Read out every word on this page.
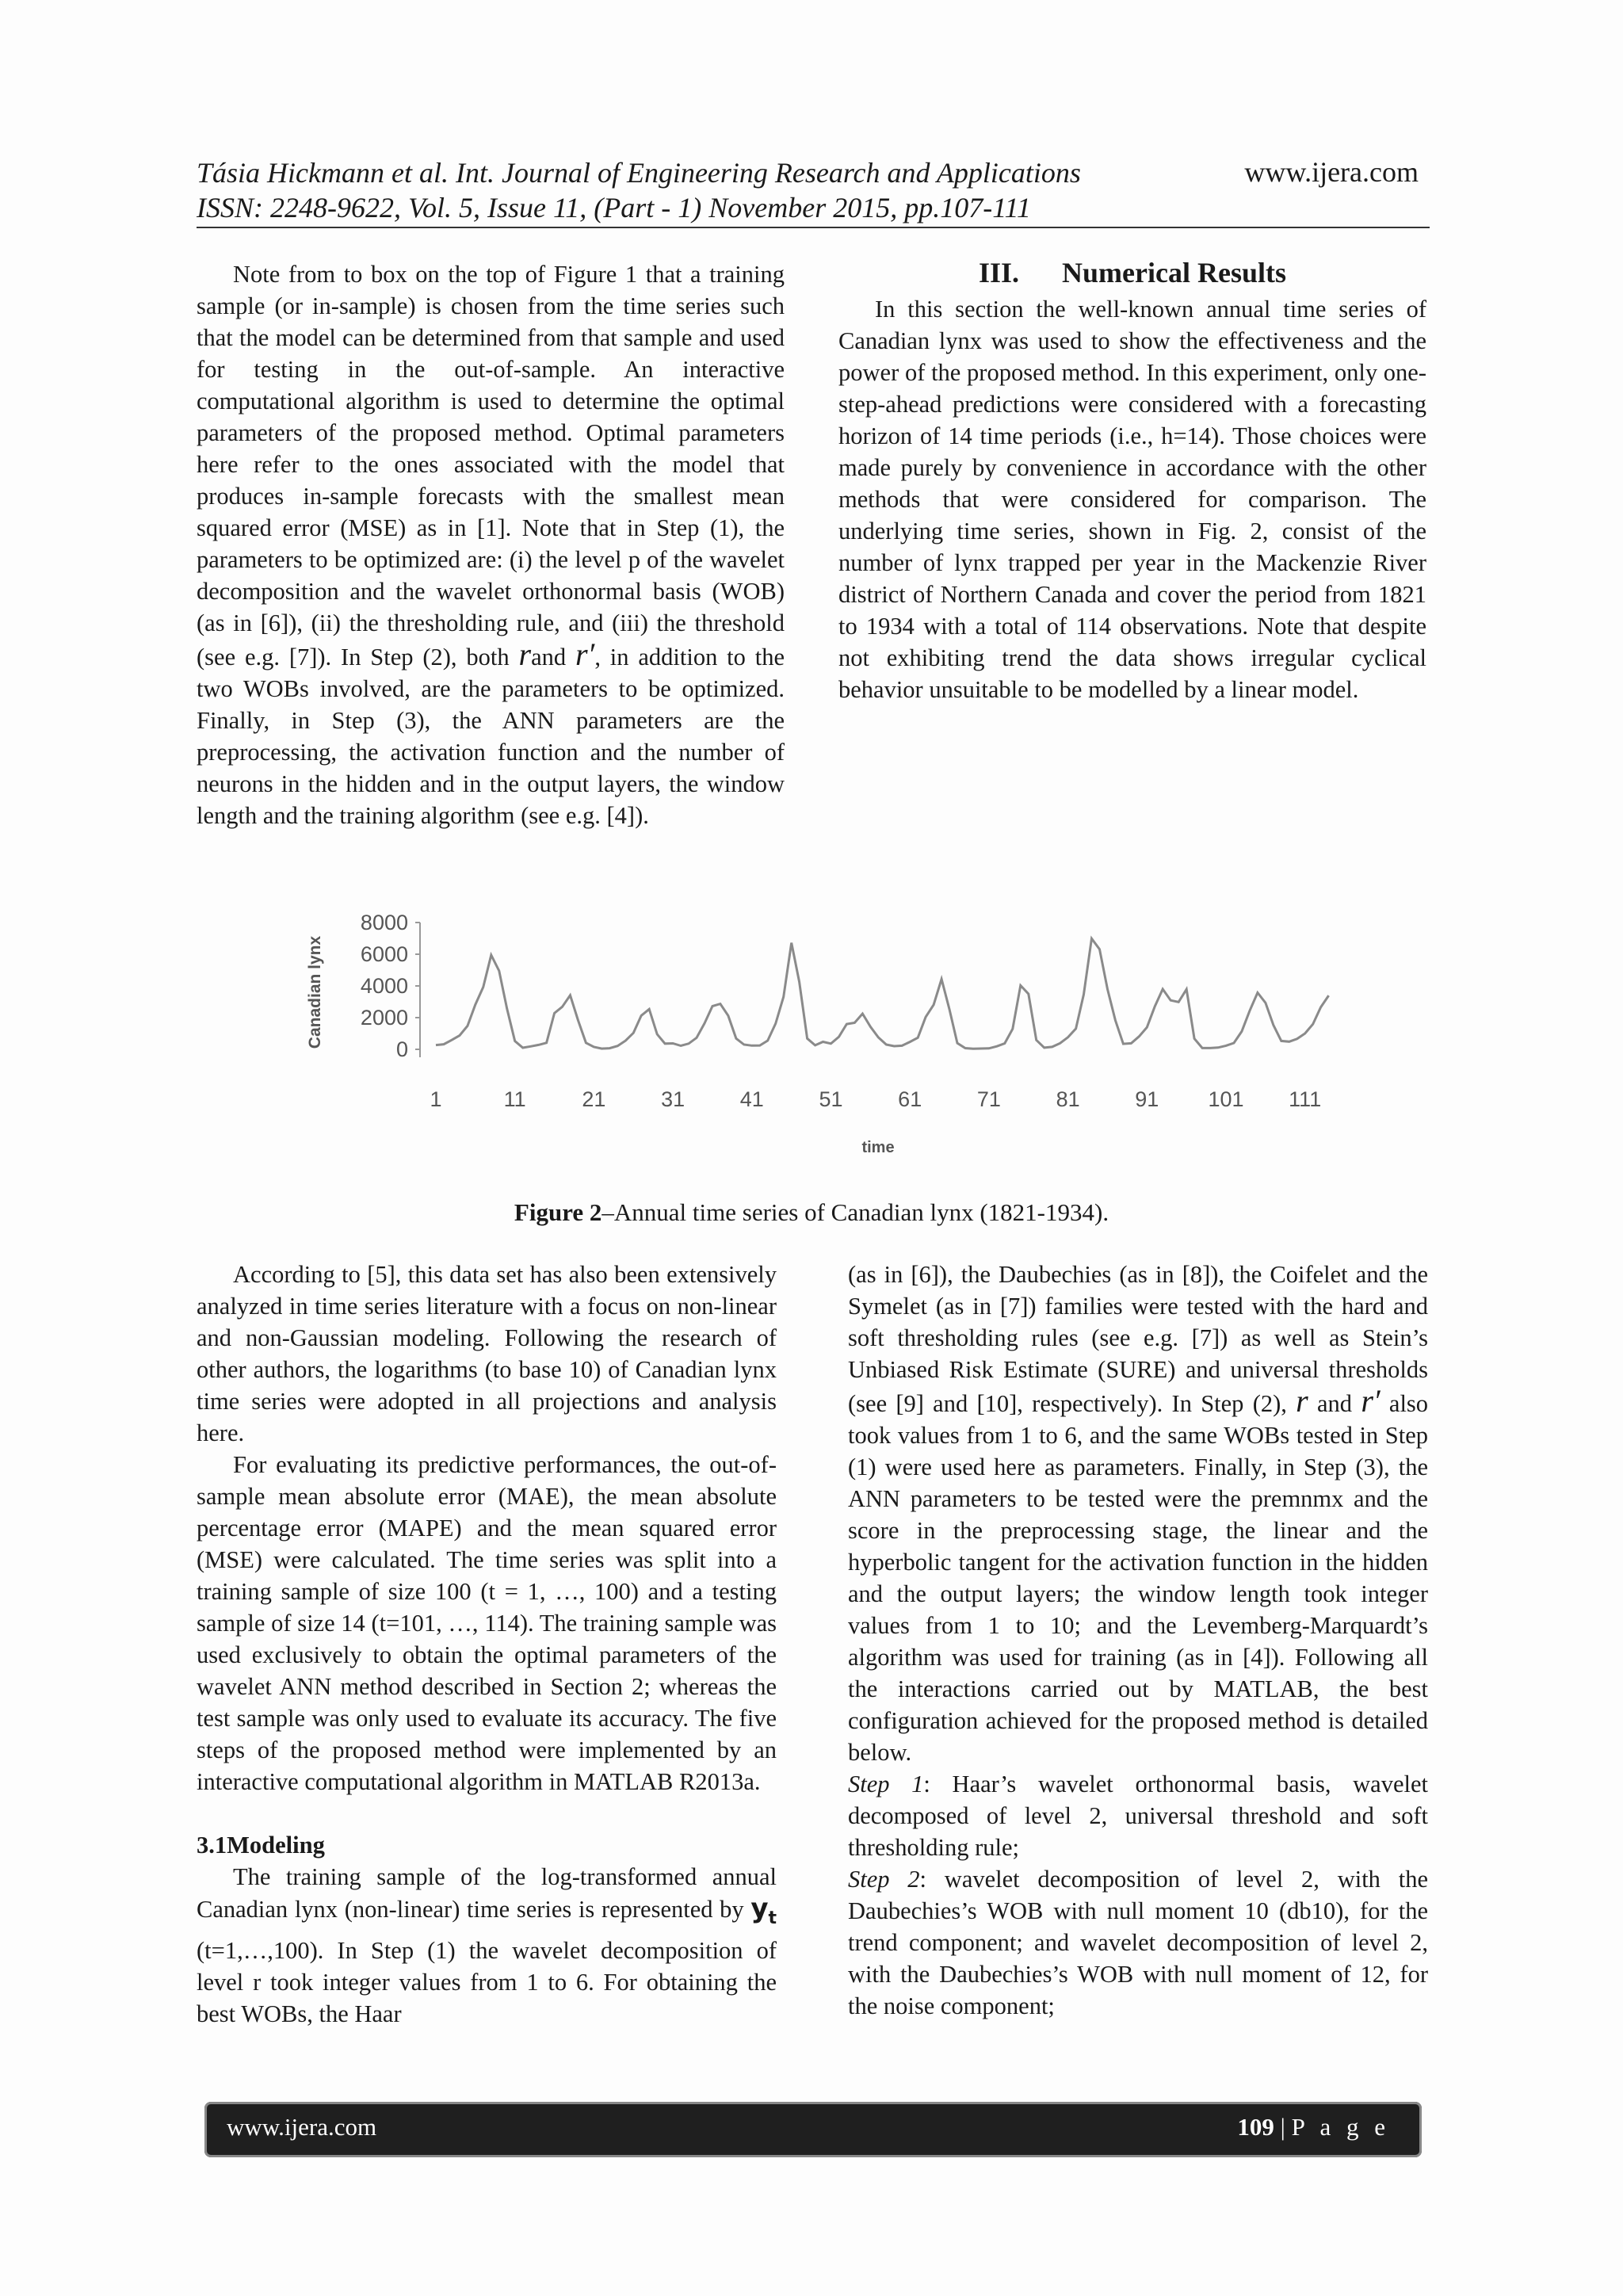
Tásia Hickmann et al. Int. Journal of Engineering Research and Applications
ISSN: 2248-9622, Vol. 5, Issue 11, (Part - 1) November 2015, pp.107-111
www.ijera.com

Note from to box on the top of Figure 1 that a training sample (or in-sample) is chosen from the time series such that the model can be determined from that sample and used for testing in the out-of-sample. An interactive computational algorithm is used to determine the optimal parameters of the proposed method. Optimal parameters here refer to the ones associated with the model that produces in-sample forecasts with the smallest mean squared error (MSE) as in [1]. Note that in Step (1), the parameters to be optimized are: (i) the level p of the wavelet decomposition and the wavelet orthonormal basis (WOB) (as in [6]), (ii) the thresholding rule, and (iii) the threshold (see e.g. [7]). In Step (2), both rand r′, in addition to the two WOBs involved, are the parameters to be optimized. Finally, in Step (3), the ANN parameters are the preprocessing, the activation function and the number of neurons in the hidden and in the output layers, the window length and the training algorithm (see e.g. [4]).

III. Numerical Results

In this section the well-known annual time series of Canadian lynx was used to show the effectiveness and the power of the proposed method. In this experiment, only one-step-ahead predictions were considered with a forecasting horizon of 14 time periods (i.e., h=14). Those choices were made purely by convenience in accordance with the other methods that were considered for comparison. The underlying time series, shown in Fig. 2, consist of the number of lynx trapped per year in the Mackenzie River district of Northern Canada and cover the period from 1821 to 1934 with a total of 114 observations. Note that despite not exhibiting trend the data shows irregular cyclical behavior unsuitable to be modelled by a linear model.

Canadian lynx
8000
6000
4000
2000
0
1	11	21	31	41	51	61	71	81	91 101 111
time
Figure 2–Annual time series of Canadian lynx (1821-1934).

According to [5], this data set has also been extensively analyzed in time series literature with a focus on non-linear and non-Gaussian modeling. Following the research of other authors, the logarithms (to base 10) of Canadian lynx time series were adopted in all projections and analysis here.

For evaluating its predictive performances, the out-of-sample mean absolute error (MAE), the mean absolute percentage error (MAPE) and the mean squared error (MSE) were calculated. The time series was split into a training sample of size 100 (t = 1, …, 100) and a testing sample of size 14 (t=101, …, 114). The training sample was used exclusively to obtain the optimal parameters of the wavelet ANN method described in Section 2; whereas the test sample was only used to evaluate its accuracy. The five steps of the proposed method were implemented by an interactive computational algorithm in MATLAB R2013a.

3.1Modeling

The training sample of the log-transformed annual Canadian lynx (non-linear) time series is represented by $y_t$ (t=1,…,100). In Step (1) the wavelet decomposition of level r took integer values from 1 to 6. For obtaining the best WOBs, the Haar

(as in [6]), the Daubechies (as in [8]), the Coifelet and the Symelet (as in [7]) families were tested with the hard and soft thresholding rules (see e.g. [7]) as well as Stein’s Unbiased Risk Estimate (SURE) and universal thresholds (see [9] and [10], respectively). In Step (2), r and r′ also took values from 1 to 6, and the same WOBs tested in Step (1) were used here as parameters. Finally, in Step (3), the ANN parameters to be tested were the premnmx and the score in the preprocessing stage, the linear and the hyperbolic tangent for the activation function in the hidden and the output layers; the window length took integer values from 1 to 10; and the Levemberg-Marquardt’s algorithm was used for training (as in [4]). Following all the interactions carried out by MATLAB, the best configuration achieved for the proposed method is detailed below.

Step 1: Haar’s wavelet orthonormal basis, wavelet decomposed of level 2, universal threshold and soft thresholding rule;

Step 2: wavelet decomposition of level 2, with the Daubechies’s WOB with null moment 10 (db10), for the trend component; and wavelet decomposition of level 2, with the Daubechies’s WOB with null moment of 12, for the noise component;

www.ijera.com	109 | P a g e
